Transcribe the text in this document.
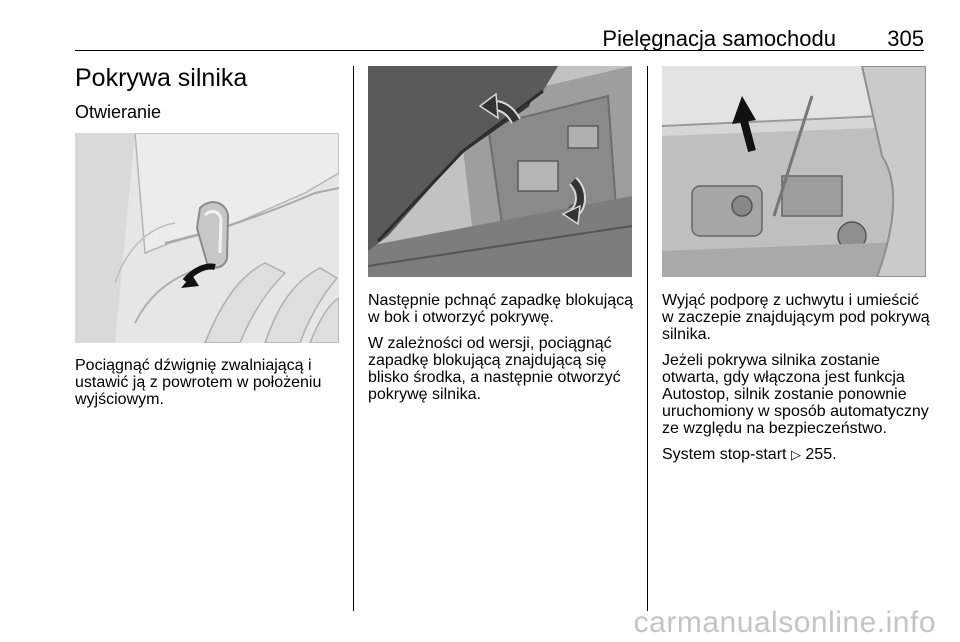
Pielęgnacja samochodu 305
Pokrywa silnika
Otwieranie

Pociągnąć dźwignię zwalniającą i ustawić ją z powrotem w położeniu wyjściowym.

Następnie pchnąć zapadkę blokującą w bok i otworzyć pokrywę.

W zależności od wersji, pociągnąć zapadkę blokującą znajdującą się blisko środka, a następnie otworzyć pokrywę silnika.

Wyjąć podporę z uchwytu i umieścić w zaczepie znajdującym pod pokrywą silnika.

Jeżeli pokrywa silnika zostanie otwarta, gdy włączona jest funkcja Autostop, silnik zostanie ponownie uruchomiony w sposób automatyczny ze względu na bezpieczeństwo.

System stop-start ▷ 255.

carmanualsonline.info
